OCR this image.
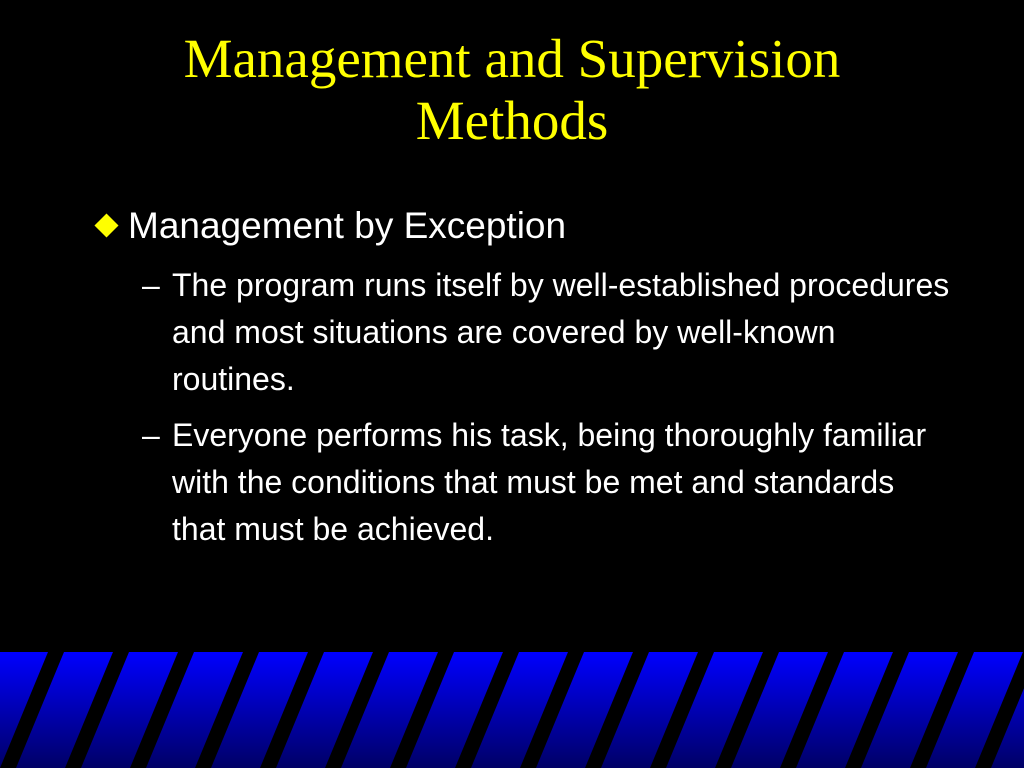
Management and Supervision
Methods
Management by Exception
– The program runs itself by well-established procedures and most situations are covered by well-known routines.
– Everyone performs his task, being thoroughly familiar with the conditions that must be met and standards that must be achieved.
